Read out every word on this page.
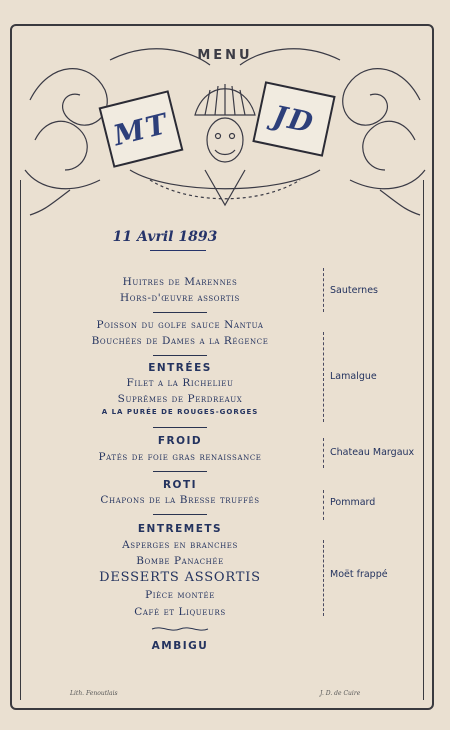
MENU
MT	JD
11 Avril 1893
Huitres de Marennes
Hors-d'œuvre assortis
Poisson du golfe sauce Nantua
Bouchées de Dames a la Régence
ENTRÉES
Filet a la Richelieu
Suprêmes de Perdreaux
A LA PURÉE DE ROUGES-GORGES
FROID
Patés de foie gras renaissance
ROTI
Chapons de la Bresse truffés
ENTREMETS
Asperges en branches
Bombe Panachée
DESSERTS ASSORTIS
Pièce montée
Café et Liqueurs
AMBIGU
Sauternes
Lamalgue
Chateau Margaux
Pommard
Moët frappé
Lith. Fenoutlais	J. D. de Cuire
